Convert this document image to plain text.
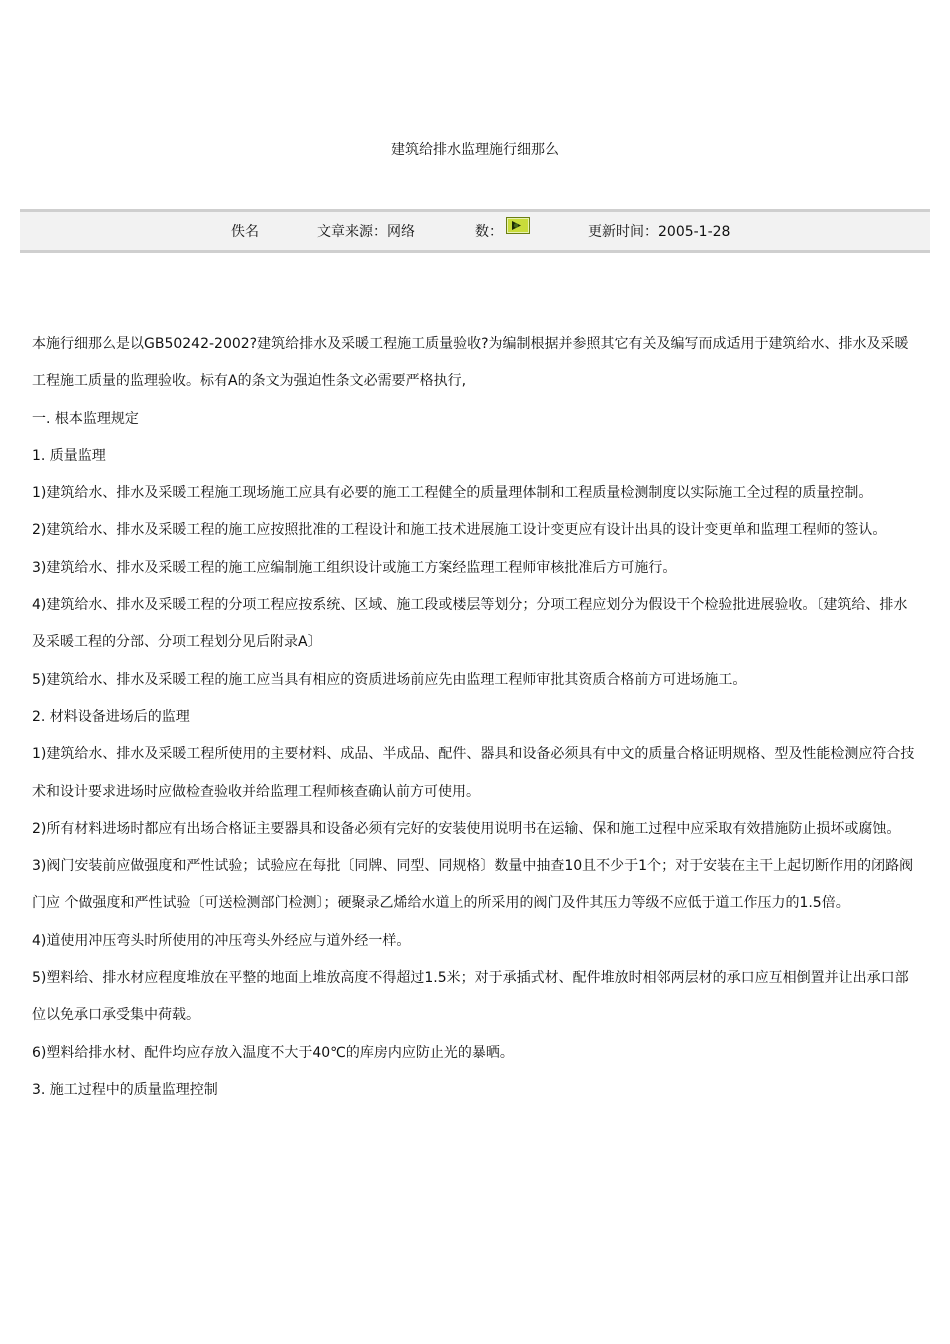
建筑给排水监理施行细那么
佚名	文章来源：网络	数：	更新时间：2005-1-28

本施行细那么是以GB50242-2002?建筑给排水及采暖工程施工质量验收?为编制根据并参照其它有关及编写而成适用于建筑给水、排水及采暖工程施工质量的监理验收。标有A的条文为强迫性条文必需要严格执行,

一. 根本监理规定

1. 质量监理

1)建筑给水、排水及采暖工程施工现场施工应具有必要的施工工程健全的质量理体制和工程质量检测制度以实际施工全过程的质量控制。

2)建筑给水、排水及采暖工程的施工应按照批准的工程设计和施工技术进展施工设计变更应有设计出具的设计变更单和监理工程师的签认。

3)建筑给水、排水及采暖工程的施工应编制施工组织设计或施工方案经监理工程师审核批准后方可施行。

4)建筑给水、排水及采暖工程的分项工程应按系统、区域、施工段或楼层等划分；分项工程应划分为假设干个检验批进展验收。〔建筑给、排水及采暖工程的分部、分项工程划分见后附录A〕

5)建筑给水、排水及采暖工程的施工应当具有相应的资质进场前应先由监理工程师审批其资质合格前方可进场施工。

2. 材料设备进场后的监理

1)建筑给水、排水及采暖工程所使用的主要材料、成品、半成品、配件、器具和设备必须具有中文的质量合格证明规格、型及性能检测应符合技术和设计要求进场时应做检查验收并给监理工程师核查确认前方可使用。

2)所有材料进场时都应有出场合格证主要器具和设备必须有完好的安装使用说明书在运输、保和施工过程中应采取有效措施防止损坏或腐蚀。

3)阀门安装前应做强度和严性试验；试验应在每批〔同牌、同型、同规格〕数量中抽查10且不少于1个；对于安装在主干上起切断作用的闭路阀门应 个做强度和严性试验〔可送检测部门检测〕；硬聚录乙烯给水道上的所采用的阀门及件其压力等级不应低于道工作压力的1.5倍。

4)道使用冲压弯头时所使用的冲压弯头外经应与道外经一样。

5)塑料给、排水材应程度堆放在平整的地面上堆放高度不得超过1.5米；对于承插式材、配件堆放时相邻两层材的承口应互相倒置并让出承口部位以免承口承受集中荷载。

6)塑料给排水材、配件均应存放入温度不大于40℃的库房内应防止光的暴晒。

3. 施工过程中的质量监理控制
